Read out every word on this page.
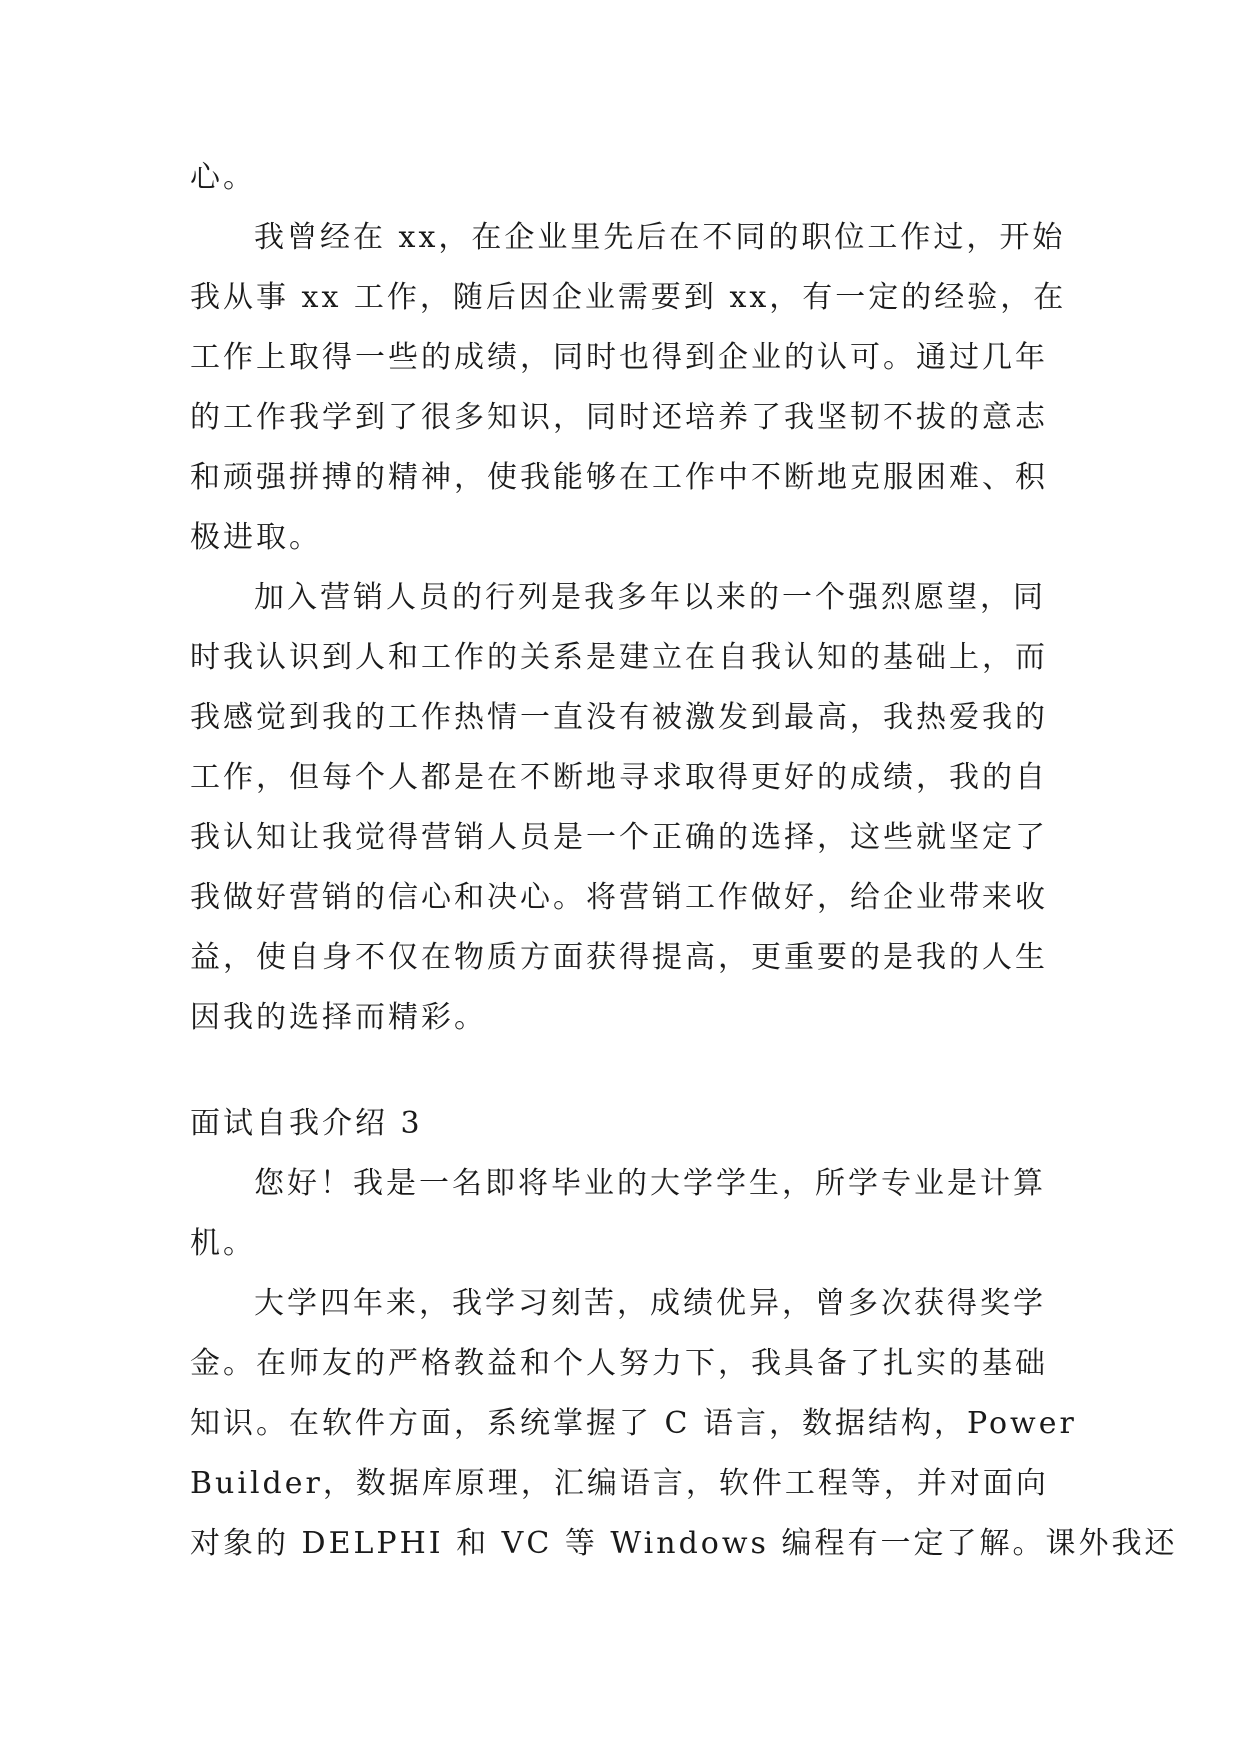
心。
我曾经在 xx，在企业里先后在不同的职位工作过，开始
我从事 xx 工作，随后因企业需要到 xx，有一定的经验，在
工作上取得一些的成绩，同时也得到企业的认可。通过几年
的工作我学到了很多知识，同时还培养了我坚韧不拔的意志
和顽强拼搏的精神，使我能够在工作中不断地克服困难、积
极进取。
加入营销人员的行列是我多年以来的一个强烈愿望，同
时我认识到人和工作的关系是建立在自我认知的基础上，而
我感觉到我的工作热情一直没有被激发到最高，我热爱我的
工作，但每个人都是在不断地寻求取得更好的成绩，我的自
我认知让我觉得营销人员是一个正确的选择，这些就坚定了
我做好营销的信心和决心。将营销工作做好，给企业带来收
益，使自身不仅在物质方面获得提高，更重要的是我的人生
因我的选择而精彩。
面试自我介绍 3
您好！我是一名即将毕业的大学学生，所学专业是计算
机。
大学四年来，我学习刻苦，成绩优异，曾多次获得奖学
金。在师友的严格教益和个人努力下，我具备了扎实的基础
知识。在软件方面，系统掌握了 C 语言，数据结构，Power
Builder，数据库原理，汇编语言，软件工程等，并对面向
对象的 DELPHI 和 VC 等 Windows 编程有一定了解。课外我还
